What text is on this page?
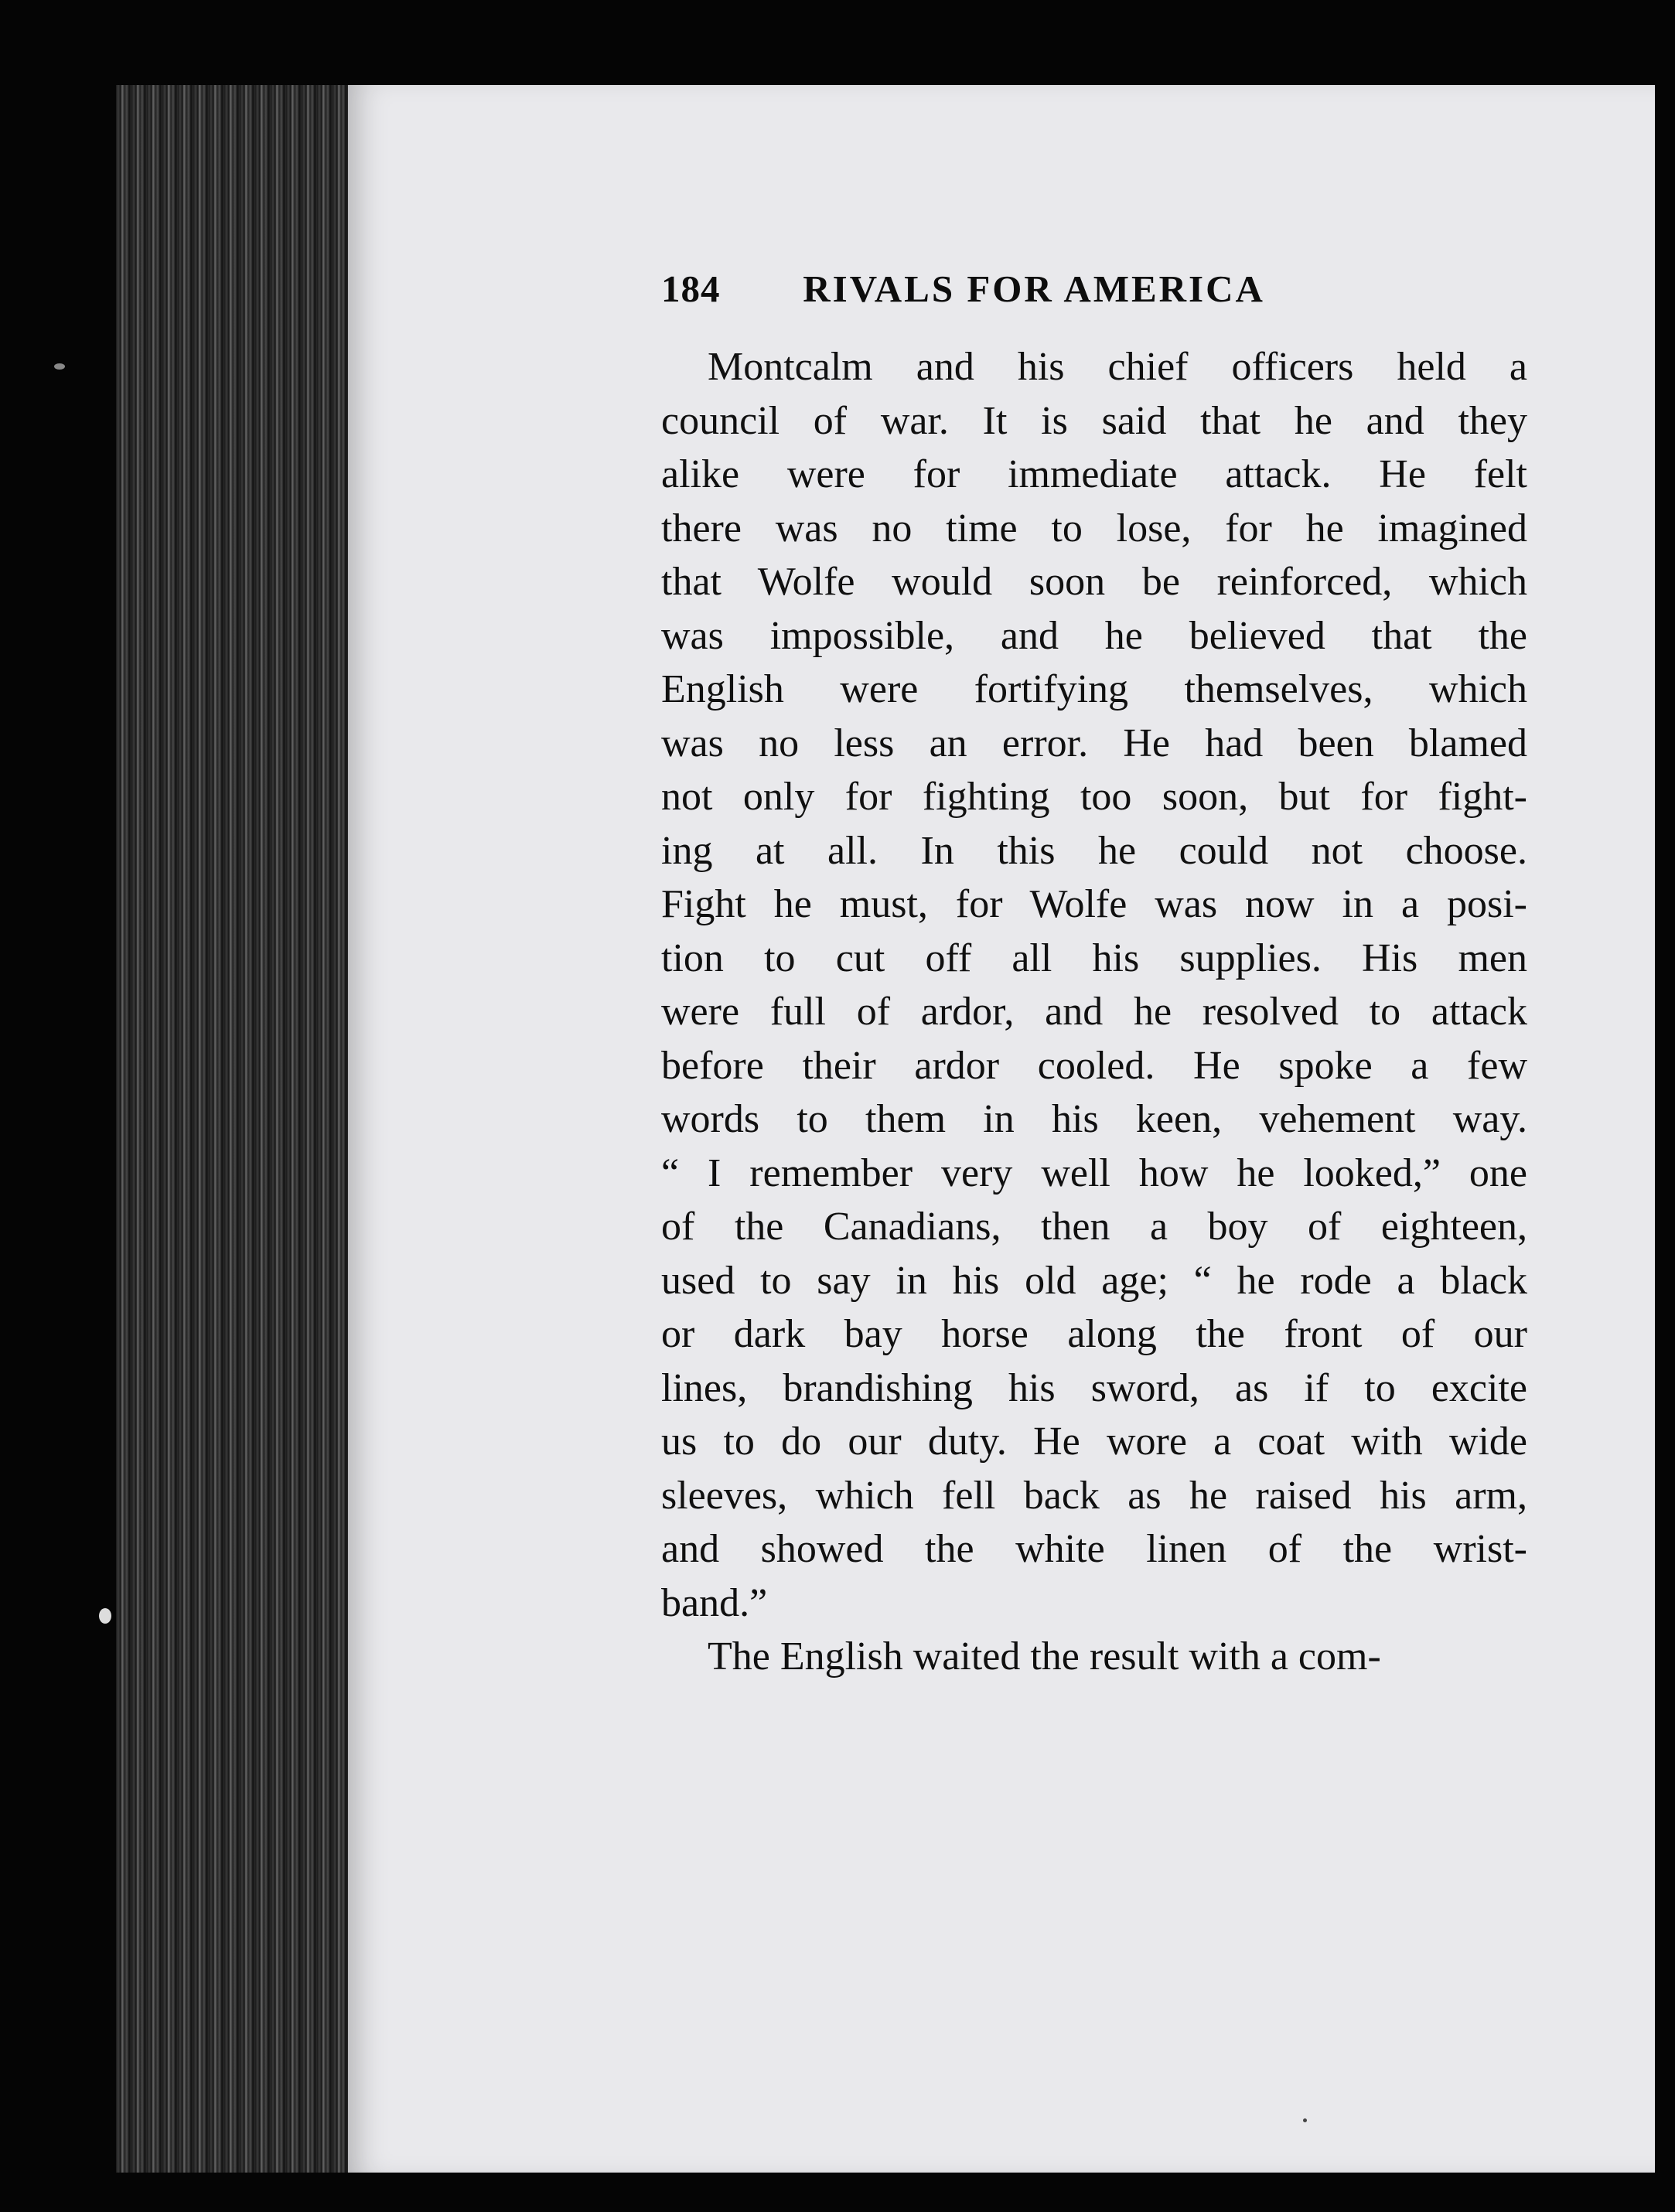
184 RIVALS FOR AMERICA
Montcalm and his chief officers held a
council of war. It is said that he and they
alike were for immediate attack. He felt
there was no time to lose, for he imagined
that Wolfe would soon be reinforced, which
was impossible, and he believed that the
English were fortifying themselves, which
was no less an error. He had been blamed
not only for fighting too soon, but for fight-
ing at all. In this he could not choose.
Fight he must, for Wolfe was now in a posi-
tion to cut off all his supplies. His men
were full of ardor, and he resolved to attack
before their ardor cooled. He spoke a few
words to them in his keen, vehement way.
“ I remember very well how he looked,” one
of the Canadians, then a boy of eighteen,
used to say in his old age; “ he rode a black
or dark bay horse along the front of our
lines, brandishing his sword, as if to excite
us to do our duty. He wore a coat with wide
sleeves, which fell back as he raised his arm,
and showed the white linen of the wrist-
band.”
The English waited the result with a com-
